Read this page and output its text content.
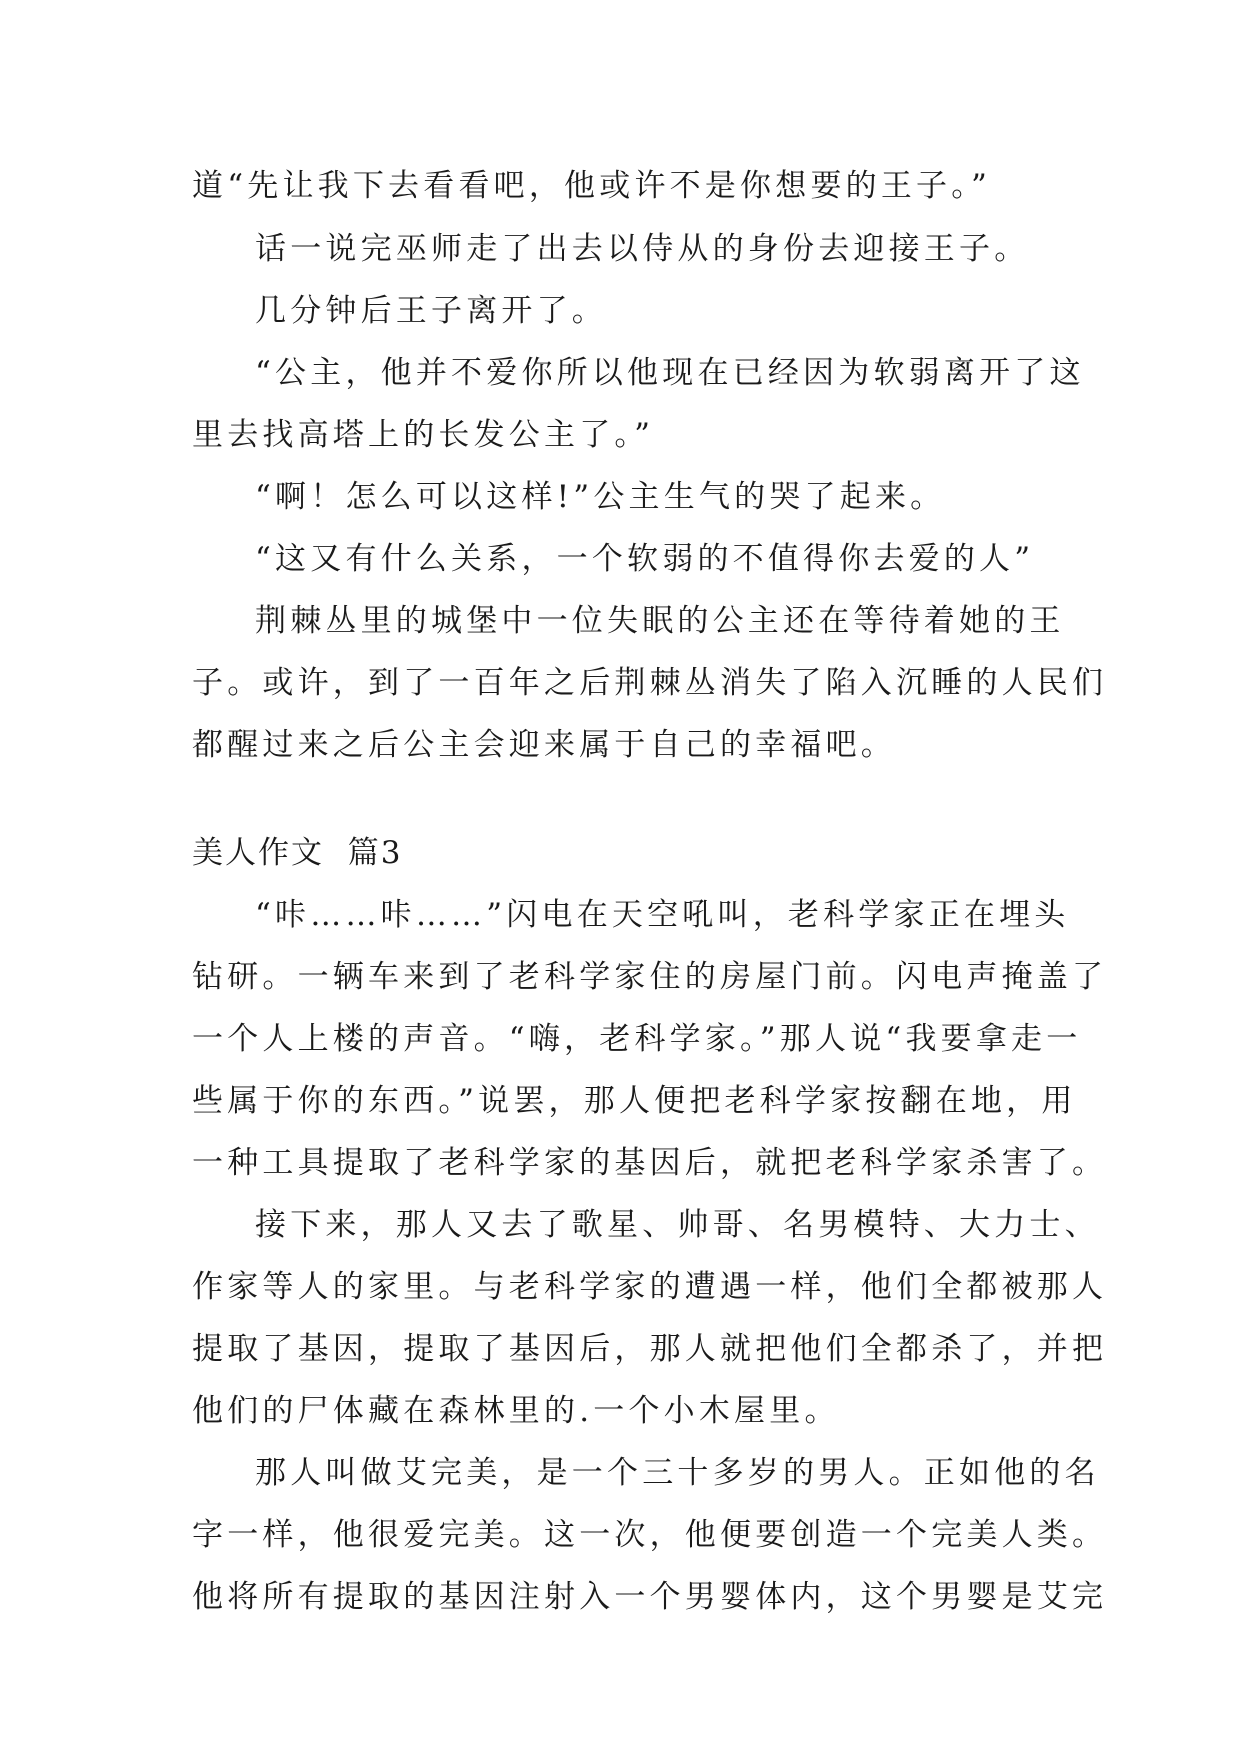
道“先让我下去看看吧，他或许不是你想要的王子。”
话一说完巫师走了出去以侍从的身份去迎接王子。
几分钟后王子离开了。
“公主，他并不爱你所以他现在已经因为软弱离开了这
里去找高塔上的长发公主了。”
“啊！怎么可以这样!”公主生气的哭了起来。
“这又有什么关系，一个软弱的不值得你去爱的人”
荆棘丛里的城堡中一位失眠的公主还在等待着她的王
子。或许，到了一百年之后荆棘丛消失了陷入沉睡的人民们
都醒过来之后公主会迎来属于自己的幸福吧。
美人作文  篇3
“咔……咔……”闪电在天空吼叫，老科学家正在埋头
钻研。一辆车来到了老科学家住的房屋门前。闪电声掩盖了
一个人上楼的声音。“嗨，老科学家。”那人说“我要拿走一
些属于你的东西。”说罢，那人便把老科学家按翻在地，用
一种工具提取了老科学家的基因后，就把老科学家杀害了。
接下来，那人又去了歌星、帅哥、名男模特、大力士、
作家等人的家里。与老科学家的遭遇一样，他们全都被那人
提取了基因，提取了基因后，那人就把他们全都杀了，并把
他们的尸体藏在森林里的.一个小木屋里。
那人叫做艾完美，是一个三十多岁的男人。正如他的名
字一样，他很爱完美。这一次，他便要创造一个完美人类。
他将所有提取的基因注射入一个男婴体内，这个男婴是艾完
